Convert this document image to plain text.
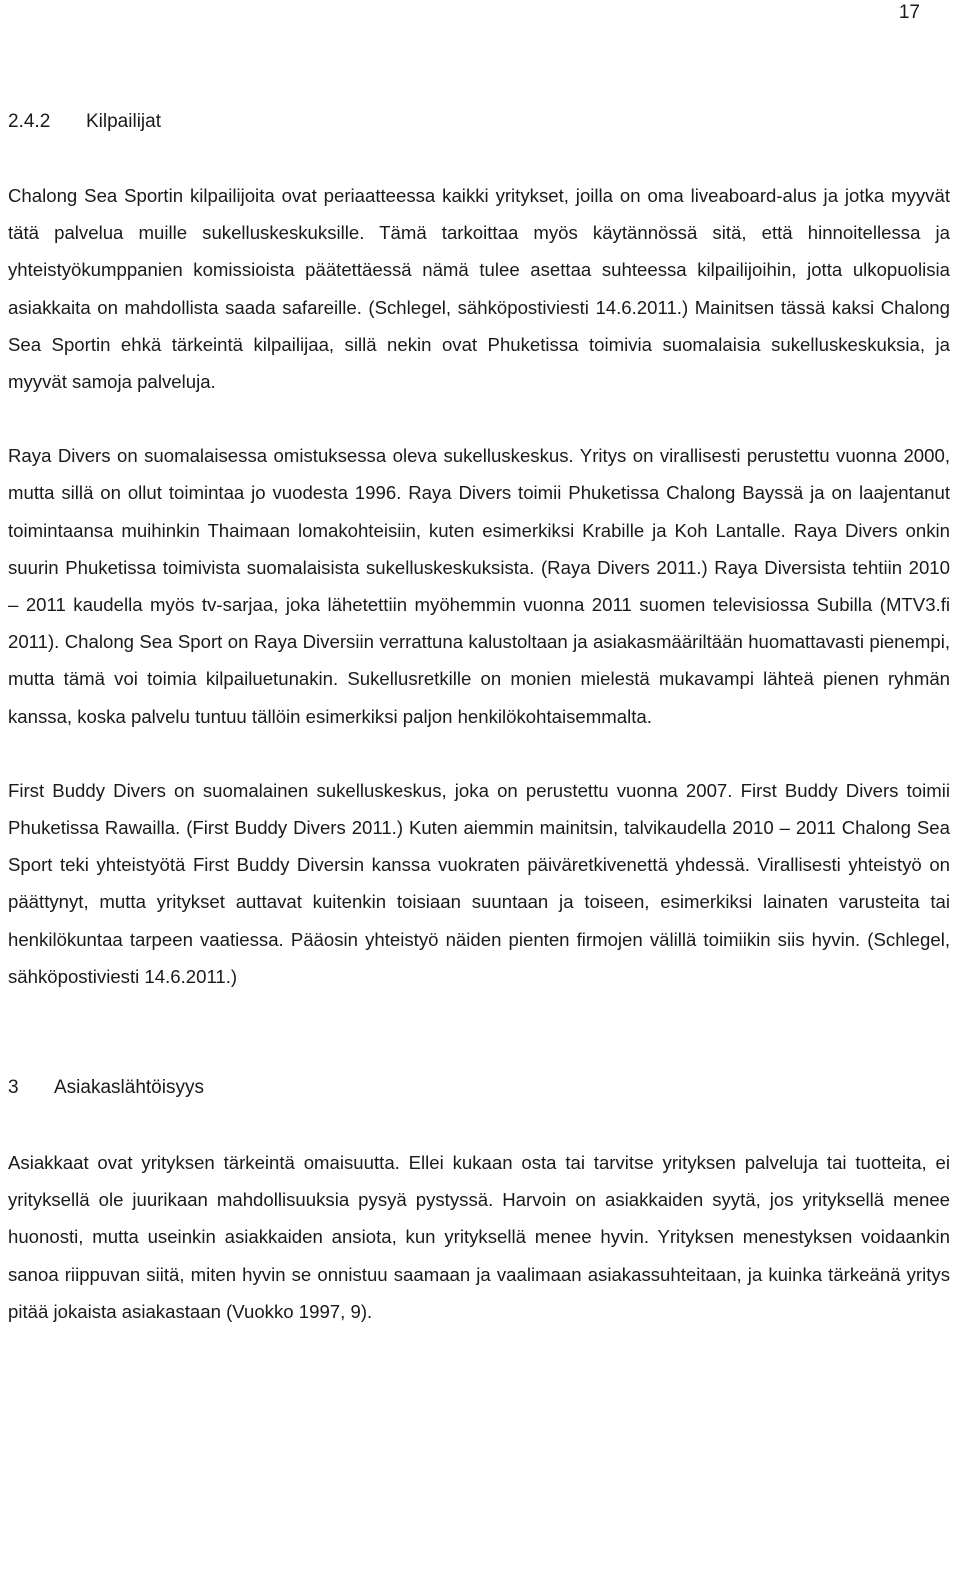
17
2.4.2 Kilpailijat

Chalong Sea Sportin kilpailijoita ovat periaatteessa kaikki yritykset, joilla on oma liveaboard-alus ja jotka myyvät tätä palvelua muille sukelluskeskuksille. Tämä tarkoittaa myös käytännössä sitä, että hinnoitellessa ja yhteistyökumppanien komissioista päätettäessä nämä tulee asettaa suhteessa kilpailijoihin, jotta ulkopuolisia asiakkaita on mahdollista saada safareille. (Schlegel, sähköpostiviesti 14.6.2011.) Mainitsen tässä kaksi Chalong Sea Sportin ehkä tärkeintä kilpailijaa, sillä nekin ovat Phuketissa toimivia suomalaisia sukelluskeskuksia, ja myyvät samoja palveluja.

Raya Divers on suomalaisessa omistuksessa oleva sukelluskeskus. Yritys on virallisesti perustettu vuonna 2000, mutta sillä on ollut toimintaa jo vuodesta 1996. Raya Divers toimii Phuketissa Chalong Bayssä ja on laajentanut toimintaansa muihinkin Thaimaan lomakohteisiin, kuten esimerkiksi Krabille ja Koh Lantalle. Raya Divers onkin suurin Phuketissa toimivista suomalaisista sukelluskeskuksista. (Raya Divers 2011.) Raya Diversista tehtiin 2010 – 2011 kaudella myös tv-sarjaa, joka lähetettiin myöhemmin vuonna 2011 suomen televisiossa Subilla (MTV3.fi 2011). Chalong Sea Sport on Raya Diversiin verrattuna kalustoltaan ja asiakasmääriltään huomattavasti pienempi, mutta tämä voi toimia kilpailuetunakin. Sukellusretkille on monien mielestä mukavampi lähteä pienen ryhmän kanssa, koska palvelu tuntuu tällöin esimerkiksi paljon henkilökohtaisemmalta.

First Buddy Divers on suomalainen sukelluskeskus, joka on perustettu vuonna 2007. First Buddy Divers toimii Phuketissa Rawailla. (First Buddy Divers 2011.) Kuten aiemmin mainitsin, talvikaudella 2010 – 2011 Chalong Sea Sport teki yhteistyötä First Buddy Diversin kanssa vuokraten päiväretkivenettä yhdessä. Virallisesti yhteistyö on päättynyt, mutta yritykset auttavat kuitenkin toisiaan suuntaan ja toiseen, esimerkiksi lainaten varusteita tai henkilökuntaa tarpeen vaatiessa. Pääosin yhteistyö näiden pienten firmojen välillä toimiikin siis hyvin. (Schlegel, sähköpostiviesti 14.6.2011.)

3 Asiakaslähtöisyys

Asiakkaat ovat yrityksen tärkeintä omaisuutta. Ellei kukaan osta tai tarvitse yrityksen palveluja tai tuotteita, ei yrityksellä ole juurikaan mahdollisuuksia pysyä pystyssä. Harvoin on asiakkaiden syytä, jos yrityksellä menee huonosti, mutta useinkin asiakkaiden ansiota, kun yrityksellä menee hyvin. Yrityksen menestyksen voidaankin sanoa riippuvan siitä, miten hyvin se onnistuu saamaan ja vaalimaan asiakassuhteitaan, ja kuinka tärkeänä yritys pitää jokaista asiakastaan (Vuokko 1997, 9).
